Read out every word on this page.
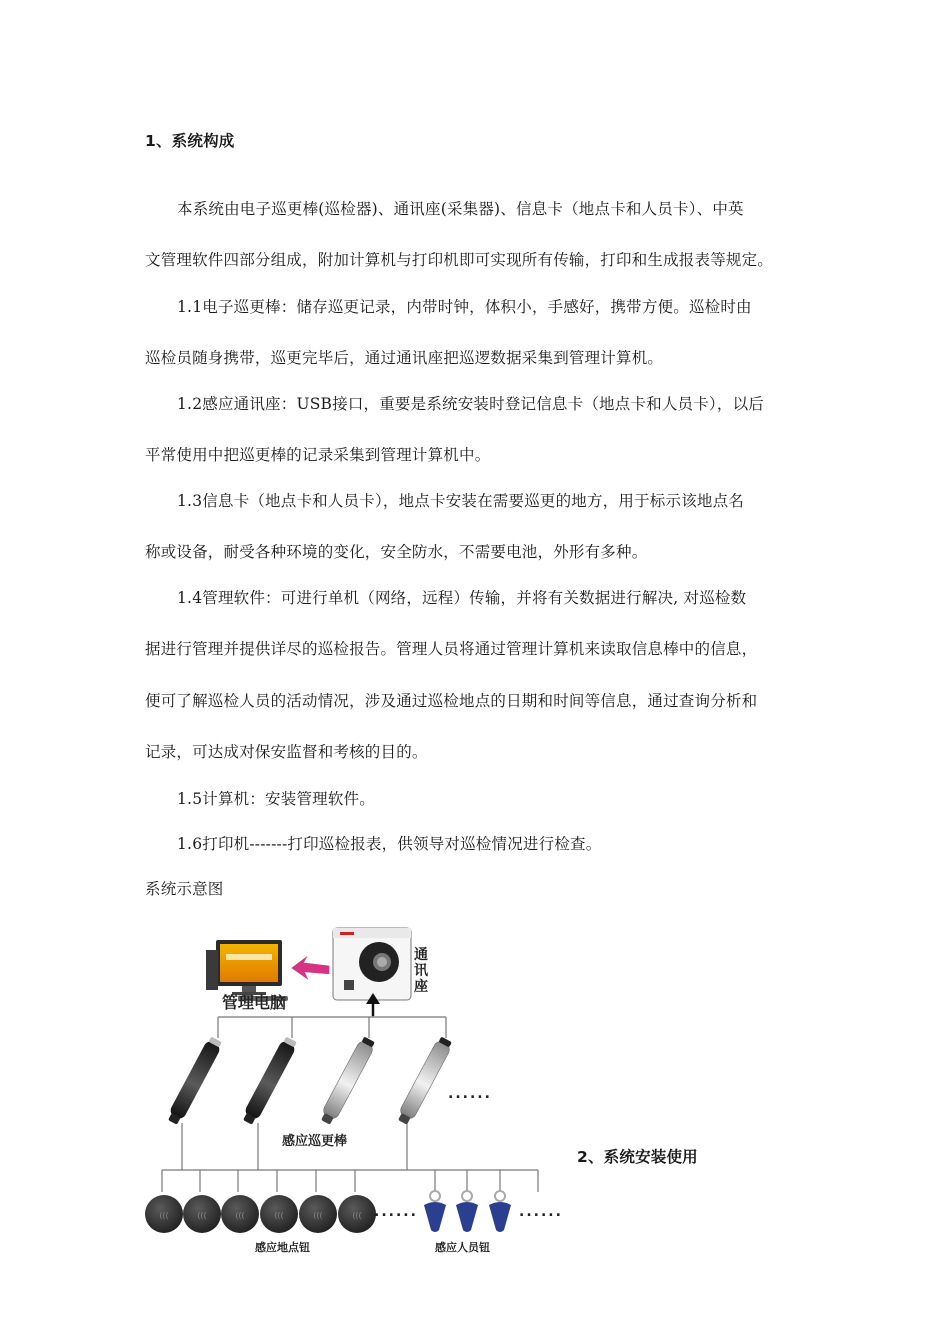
1、系统构成
本系统由电子巡更棒(巡检器)、通讯座(采集器)、信息卡（地点卡和人员卡）、中英
文管理软件四部分组成，附加计算机与打印机即可实现所有传输，打印和生成报表等规定。
1.1电子巡更棒：储存巡更记录，内带时钟，体积小，手感好，携带方便。巡检时由
巡检员随身携带，巡更完毕后，通过通讯座把巡逻数据采集到管理计算机。
1.2感应通讯座：USB接口，重要是系统安装时登记信息卡（地点卡和人员卡），以后
平常使用中把巡更棒的记录采集到管理计算机中。
1.3信息卡（地点卡和人员卡），地点卡安装在需要巡更的地方，用于标示该地点名
称或设备，耐受各种环境的变化，安全防水，不需要电池，外形有多种。
1.4管理软件：可进行单机（网络，远程）传输，并将有关数据进行解决, 对巡检数
据进行管理并提供详尽的巡检报告。管理人员将通过管理计算机来读取信息棒中的信息，
便可了解巡检人员的活动情况，涉及通过巡检地点的日期和时间等信息，通过查询分析和
记录，可达成对保安监督和考核的目的。
1.5计算机：安装管理软件。
1.6打印机-------打印巡检报表，供领导对巡检情况进行检查。
系统示意图
(((	(((	(((	(((	(((	(((
管理电脑
通
讯
座
......
感应巡更棒
......	......
感应地点钮	感应人员钮
2、系统安装使用
